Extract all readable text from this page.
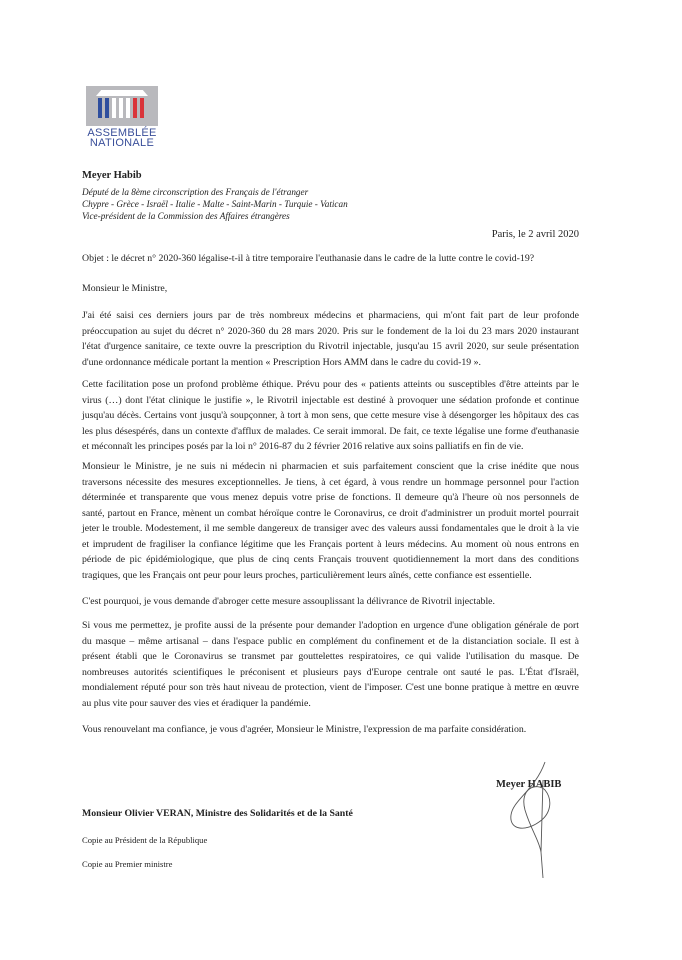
ASSEMBLÉE
NATIONALE
Meyer Habib
Député de la 8ème circonscription des Français de l'étranger
Chypre - Grèce - Israël - Italie - Malte - Saint-Marin - Turquie - Vatican
Vice-président de la Commission des Affaires étrangères
Paris, le 2 avril 2020
Objet : le décret n° 2020-360 légalise-t-il à titre temporaire l'euthanasie dans le cadre de la lutte contre le covid-19?
Monsieur le Ministre,
J'ai été saisi ces derniers jours par de très nombreux médecins et pharmaciens, qui m'ont fait part de leur profonde
préoccupation au sujet du décret n° 2020-360 du 28 mars 2020. Pris sur le fondement de la loi du 23 mars 2020 instaurant
l'état d'urgence sanitaire, ce texte ouvre la prescription du Rivotril injectable, jusqu'au 15 avril 2020, sur seule présentation
d'une ordonnance médicale portant la mention « Prescription Hors AMM dans le cadre du covid-19 ».
Cette facilitation pose un profond problème éthique. Prévu pour des « patients atteints ou susceptibles d'être atteints par le
virus (…) dont l'état clinique le justifie », le Rivotril injectable est destiné à provoquer une sédation profonde et continue
jusqu'au décès. Certains vont jusqu'à soupçonner, à tort à mon sens, que cette mesure vise à désengorger les hôpitaux des cas
les plus désespérés, dans un contexte d'afflux de malades. Ce serait immoral. De fait, ce texte légalise une forme d'euthanasie
et méconnaît les principes posés par la loi n° 2016-87 du 2 février 2016 relative aux soins palliatifs en fin de vie.
Monsieur le Ministre, je ne suis ni médecin ni pharmacien et suis parfaitement conscient que la crise inédite que nous
traversons nécessite des mesures exceptionnelles. Je tiens, à cet égard, à vous rendre un hommage personnel pour l'action
déterminée et transparente que vous menez depuis votre prise de fonctions. Il demeure qu'à l'heure où nos personnels de
santé, partout en France, mènent un combat héroïque contre le Coronavirus, ce droit d'administrer un produit mortel pourrait
jeter le trouble. Modestement, il me semble dangereux de transiger avec des valeurs aussi fondamentales que le droit à la vie
et imprudent de fragiliser la confiance légitime que les Français portent à leurs médecins. Au moment où nous entrons en
période de pic épidémiologique, que plus de cinq cents Français trouvent quotidiennement la mort dans des conditions
tragiques, que les Français ont peur pour leurs proches, particulièrement leurs aînés, cette confiance est essentielle.
C'est pourquoi, je vous demande d'abroger cette mesure assouplissant la délivrance de Rivotril injectable.
Si vous me permettez, je profite aussi de la présente pour demander l'adoption en urgence d'une obligation générale de port
du masque – même artisanal – dans l'espace public en complément du confinement et de la distanciation sociale. Il est à
présent établi que le Coronavirus se transmet par gouttelettes respiratoires, ce qui valide l'utilisation du masque. De
nombreuses autorités scientifiques le préconisent et plusieurs pays d'Europe centrale ont sauté le pas. L'État d'Israël,
mondialement réputé pour son très haut niveau de protection, vient de l'imposer. C'est une bonne pratique à mettre en œuvre
au plus vite pour sauver des vies et éradiquer la pandémie.
Vous renouvelant ma confiance, je vous d'agréer, Monsieur le Ministre, l'expression de ma parfaite considération.
Meyer HABIB
Monsieur Olivier VERAN, Ministre des Solidarités et de la Santé
Copie au Président de la République
Copie au Premier ministre
